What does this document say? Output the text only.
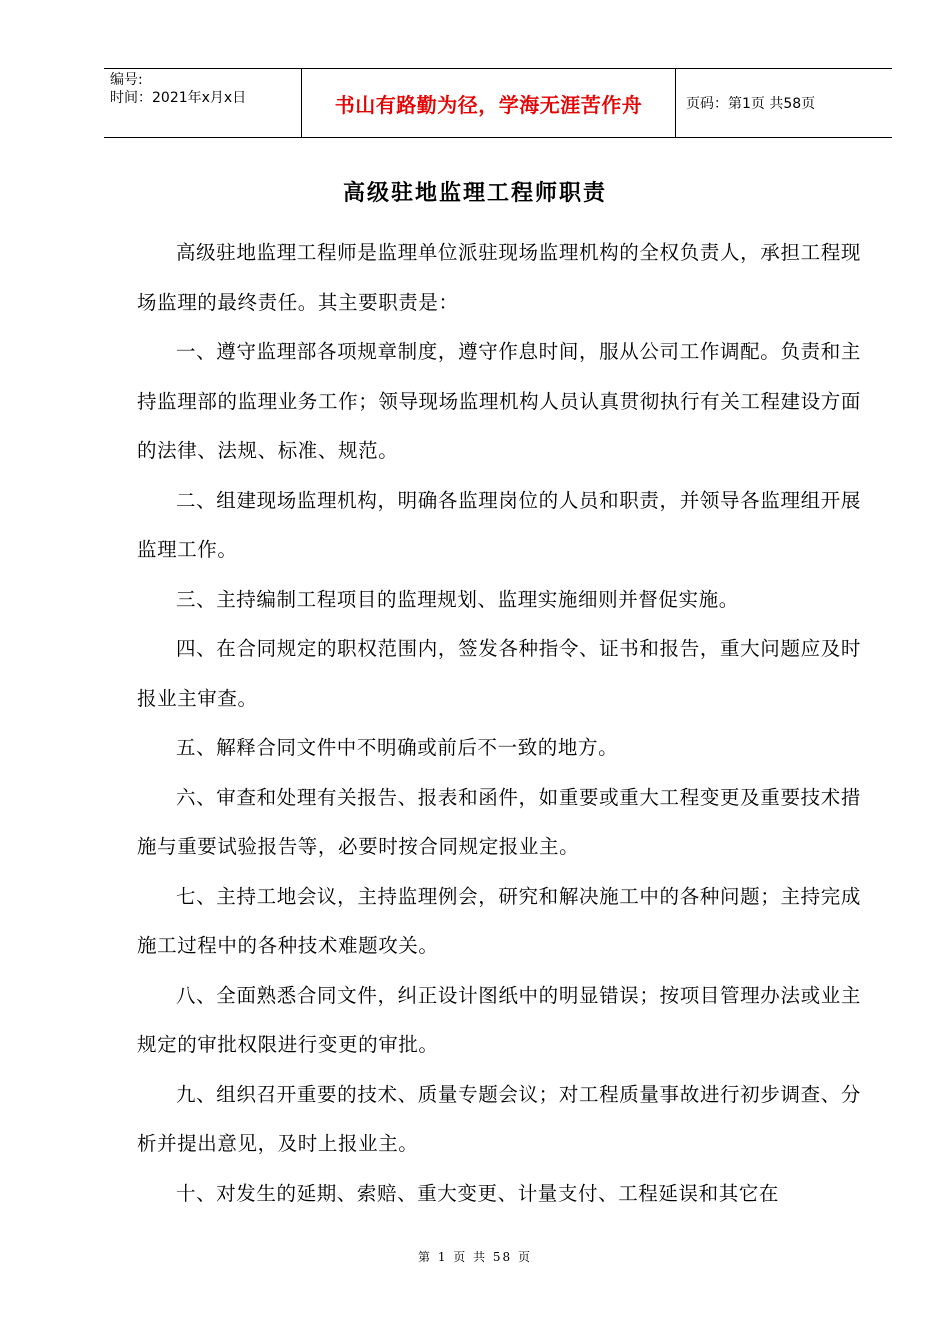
编号:
时间：2021年x月x日	书山有路勤为径，学海无涯苦作舟	页码：第1页 共58页
高级驻地监理工程师职责

高级驻地监理工程师是监理单位派驻现场监理机构的全权负责人，承担工程现场监理的最终责任。其主要职责是：

一、遵守监理部各项规章制度，遵守作息时间，服从公司工作调配。负责和主持监理部的监理业务工作；领导现场监理机构人员认真贯彻执行有关工程建设方面的法律、法规、标准、规范。

二、组建现场监理机构，明确各监理岗位的人员和职责，并领导各监理组开展监理工作。

三、主持编制工程项目的监理规划、监理实施细则并督促实施。

四、在合同规定的职权范围内，签发各种指令、证书和报告，重大问题应及时报业主审查。

五、解释合同文件中不明确或前后不一致的地方。

六、审查和处理有关报告、报表和函件，如重要或重大工程变更及重要技术措施与重要试验报告等，必要时按合同规定报业主。

七、主持工地会议，主持监理例会，研究和解决施工中的各种问题；主持完成施工过程中的各种技术难题攻关。

八、全面熟悉合同文件，纠正设计图纸中的明显错误；按项目管理办法或业主规定的审批权限进行变更的审批。

九、组织召开重要的技术、质量专题会议；对工程质量事故进行初步调查、分析并提出意见，及时上报业主。

十、对发生的延期、索赔、重大变更、计量支付、工程延误和其它在

第 1 页 共 58 页
